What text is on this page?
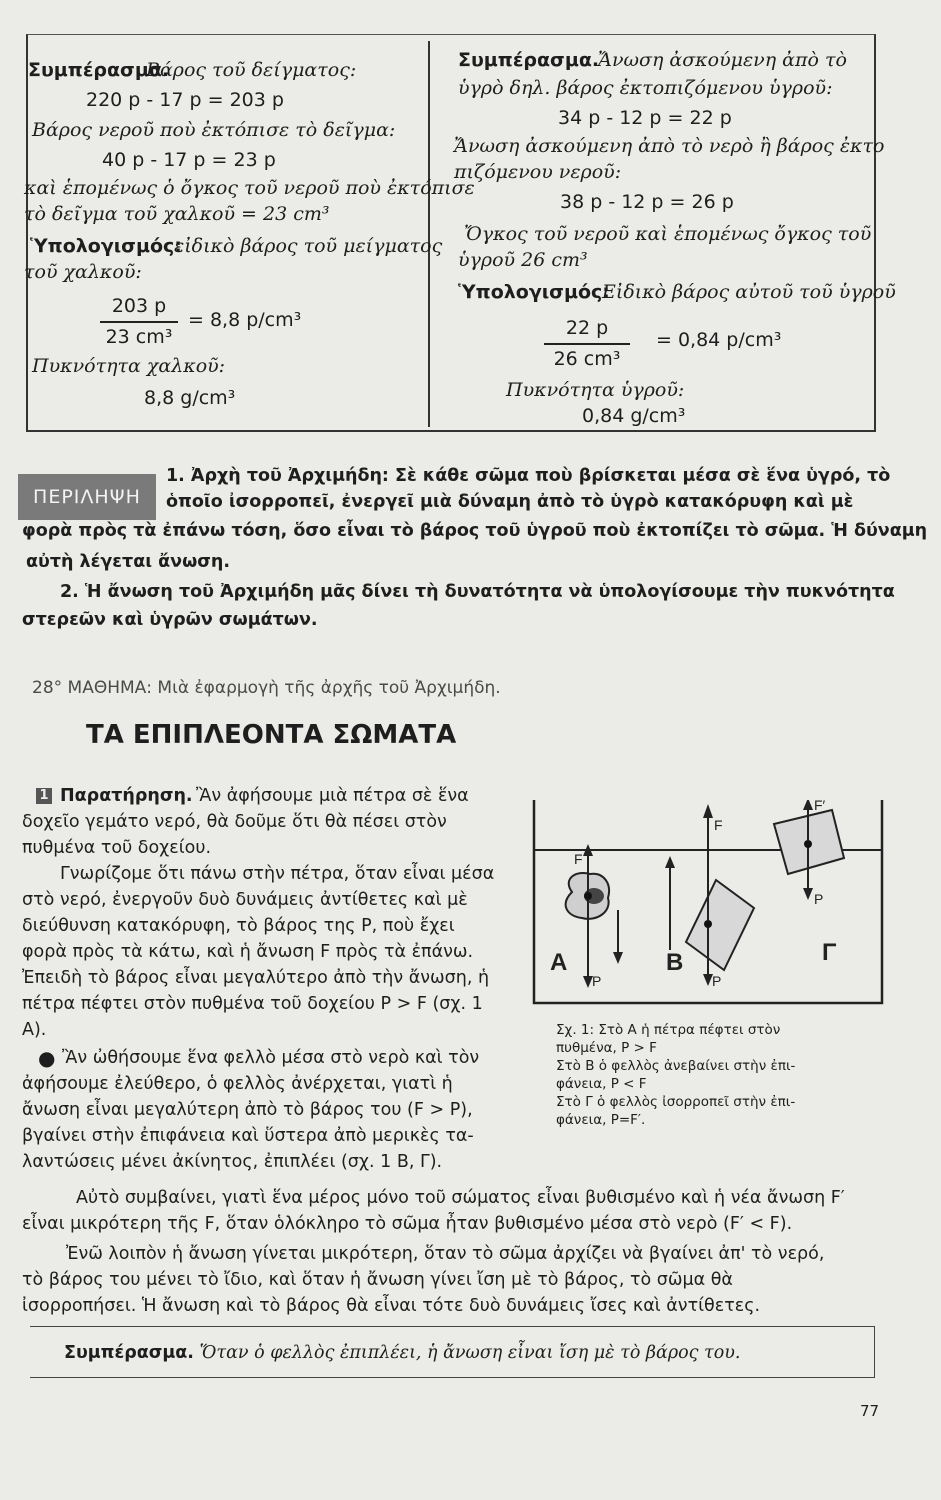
Συμπέρασμα.
Βάρος τοῦ δείγματος:
220 p - 17 p = 203 p
Βάρος νεροῦ ποὺ ἐκτόπισε τὸ δεῖγμα:
40 p - 17 p = 23 p
καὶ ἑπομένως ὁ ὄγκος τοῦ νεροῦ ποὺ ἐκτόπισε
τὸ δεῖγμα τοῦ χαλκοῦ = 23 cm³
Ὑπολογισμός:
εἰδικὸ βάρος τοῦ μείγματος
τοῦ χαλκοῦ:
203 p
23 cm³
= 8,8 p/cm³
Πυκνότητα χαλκοῦ:
8,8 g/cm³
Συμπέρασμα.
Ἄνωση ἀσκούμενη ἀπὸ τὸ
ὑγρὸ δηλ. βάρος ἐκτοπιζόμενου ὑγροῦ:
34 p - 12 p = 22 p
Ἄνωση ἀσκούμενη ἀπὸ τὸ νερὸ ἢ βάρος ἐκτο
πιζόμενου νεροῦ:
38 p - 12 p = 26 p
Ὄγκος τοῦ νεροῦ καὶ ἑπομένως ὄγκος τοῦ
ὑγροῦ 26 cm³
Ὑπολογισμός:
Εἰδικὸ βάρος αὐτοῦ τοῦ ὑγροῦ
22 p
26 cm³
= 0,84 p/cm³
Πυκνότητα ὑγροῦ:
0,84 g/cm³
ΠΕΡΙΛΗΨΗ
1. Ἀρχὴ τοῦ Ἀρχιμήδη: Σὲ κάθε σῶμα ποὺ βρίσκεται μέσα σὲ ἕνα ὑγρό, τὸ
ὁποῖο ἰσορροπεῖ, ἐνεργεῖ μιὰ δύναμη ἀπὸ τὸ ὑγρὸ κατακόρυφη καὶ μὲ
φορὰ πρὸς τὰ ἐπάνω τόση, ὅσο εἶναι τὸ βάρος τοῦ ὑγροῦ ποὺ ἐκτοπίζει τὸ σῶμα. Ἡ δύναμη
αὐτὴ λέγεται ἄνωση.
2. Ἡ ἄνωση τοῦ Ἀρχιμήδη μᾶς δίνει τὴ δυνατότητα νὰ ὑπολογίσουμε τὴν πυκνότητα
στερεῶν καὶ ὑγρῶν σωμάτων.
28° ΜΑΘΗΜΑ: Μιὰ ἐφαρμογὴ τῆς ἀρχῆς τοῦ Ἀρχιμήδη.
ΤΑ ΕΠΙΠΛΕΟΝΤΑ ΣΩΜΑΤΑ
1 Παρατήρηση. Ἂν ἀφήσουμε μιὰ πέτρα σὲ ἕνα
δοχεῖο γεμάτο νερό, θὰ δοῦμε ὅτι θὰ πέσει στὸν
πυθμένα τοῦ δοχείου.
Γνωρίζομε ὅτι πάνω στὴν πέτρα, ὅταν εἶναι μέσα
στὸ νερό, ἐνεργοῦν δυὸ δυνάμεις ἀντίθετες καὶ μὲ
διεύθυνση κατακόρυφη, τὸ βάρος της P, ποὺ ἔχει
φορὰ πρὸς τὰ κάτω, καὶ ἡ ἄνωση F πρὸς τὰ ἐπάνω.
Ἐπειδὴ τὸ βάρος εἶναι μεγαλύτερο ἀπὸ τὴν ἄνωση, ἡ
πέτρα πέφτει στὸν πυθμένα τοῦ δοχείου P > F (σχ. 1
Α).
● Ἂν ὠθήσουμε ἕνα φελλὸ μέσα στὸ νερὸ καὶ τὸν
ἀφήσουμε ἐλεύθερο, ὁ φελλὸς ἀνέρχεται, γιατὶ ἡ
ἄνωση εἶναι μεγαλύτερη ἀπὸ τὸ βάρος του (F > P),
βγαίνει στὴν ἐπιφάνεια καὶ ὕστερα ἀπὸ μερικὲς τα-
λαντώσεις μένει ἀκίνητος, ἐπιπλέει (σχ. 1 Β, Γ).
Α	Β	Γ
F
P
F
P
F′
P
Σχ. 1: Στὸ Α ἡ πέτρα πέφτει στὸν
πυθμένα, P > F
Στὸ Β ὁ φελλὸς ἀνεβαίνει στὴν ἐπι-
φάνεια, P < F
Στὸ Γ ὁ φελλὸς ἰσορροπεῖ στὴν ἐπι-
φάνεια, P=F′.
Αὐτὸ συμβαίνει, γιατὶ ἕνα μέρος μόνο τοῦ σώματος εἶναι βυθισμένο καὶ ἡ νέα ἄνωση F′
εἶναι μικρότερη τῆς F, ὅταν ὁλόκληρο τὸ σῶμα ἦταν βυθισμένο μέσα στὸ νερὸ (F′ < F).
Ἐνῶ λοιπὸν ἡ ἄνωση γίνεται μικρότερη, ὅταν τὸ σῶμα ἀρχίζει νὰ βγαίνει ἀπ' τὸ νερό,
τὸ βάρος του μένει τὸ ἴδιο, καὶ ὅταν ἡ ἄνωση γίνει ἴση μὲ τὸ βάρος, τὸ σῶμα θὰ
ἰσορροπήσει. Ἡ ἄνωση καὶ τὸ βάρος θὰ εἶναι τότε δυὸ δυνάμεις ἴσες καὶ ἀντίθετες.
Συμπέρασμα. Ὅταν ὁ φελλὸς ἐπιπλέει, ἡ ἄνωση εἶναι ἴση μὲ τὸ βάρος του.
77
